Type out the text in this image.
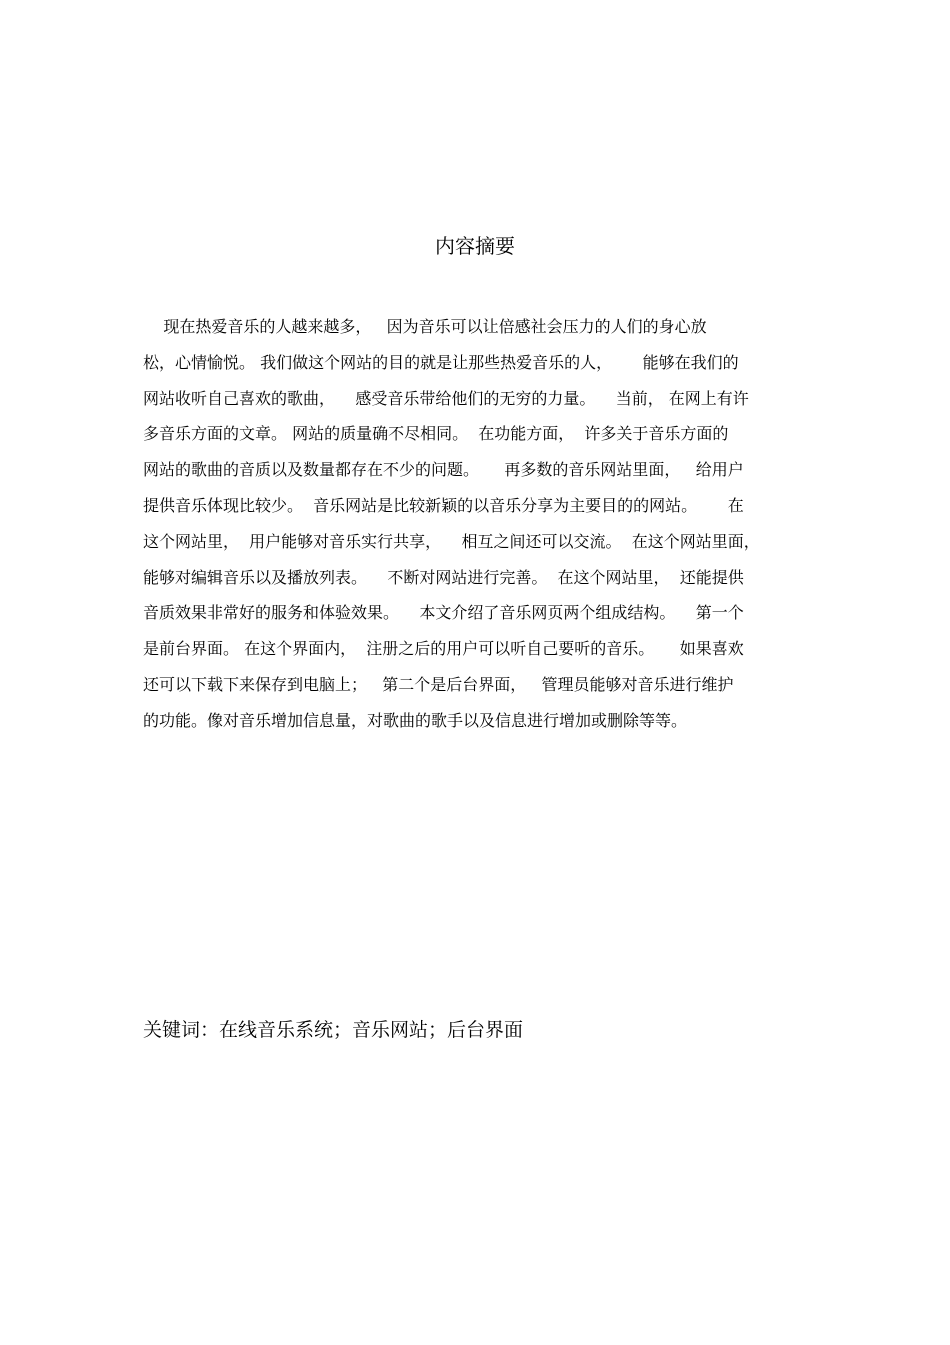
内容摘要
现在热爱音乐的人越来越多，   因为音乐可以让倍感社会压力的人们的身心放
松，心情愉悦。 我们做这个网站的目的就是让那些热爱音乐的人，      能够在我们的
网站收听自己喜欢的歌曲，    感受音乐带给他们的无穷的力量。    当前， 在网上有许
多音乐方面的文章。 网站的质量确不尽相同。  在功能方面，  许多关于音乐方面的
网站的歌曲的音质以及数量都存在不少的问题。     再多数的音乐网站里面，   给用户
提供音乐体现比较少。  音乐网站是比较新颖的以音乐分享为主要目的的网站。      在
这个网站里，  用户能够对音乐实行共享，    相互之间还可以交流。  在这个网站里面，
能够对编辑音乐以及播放列表。    不断对网站进行完善。  在这个网站里，  还能提供
音质效果非常好的服务和体验效果。    本文介绍了音乐网页两个组成结构。    第一个
是前台界面。 在这个界面内，  注册之后的用户可以听自己要听的音乐。     如果喜欢
还可以下载下来保存到电脑上；   第二个是后台界面，   管理员能够对音乐进行维护
的功能。像对音乐增加信息量，对歌曲的歌手以及信息进行增加或删除等等。
关键词：在线音乐系统；音乐网站；后台界面
